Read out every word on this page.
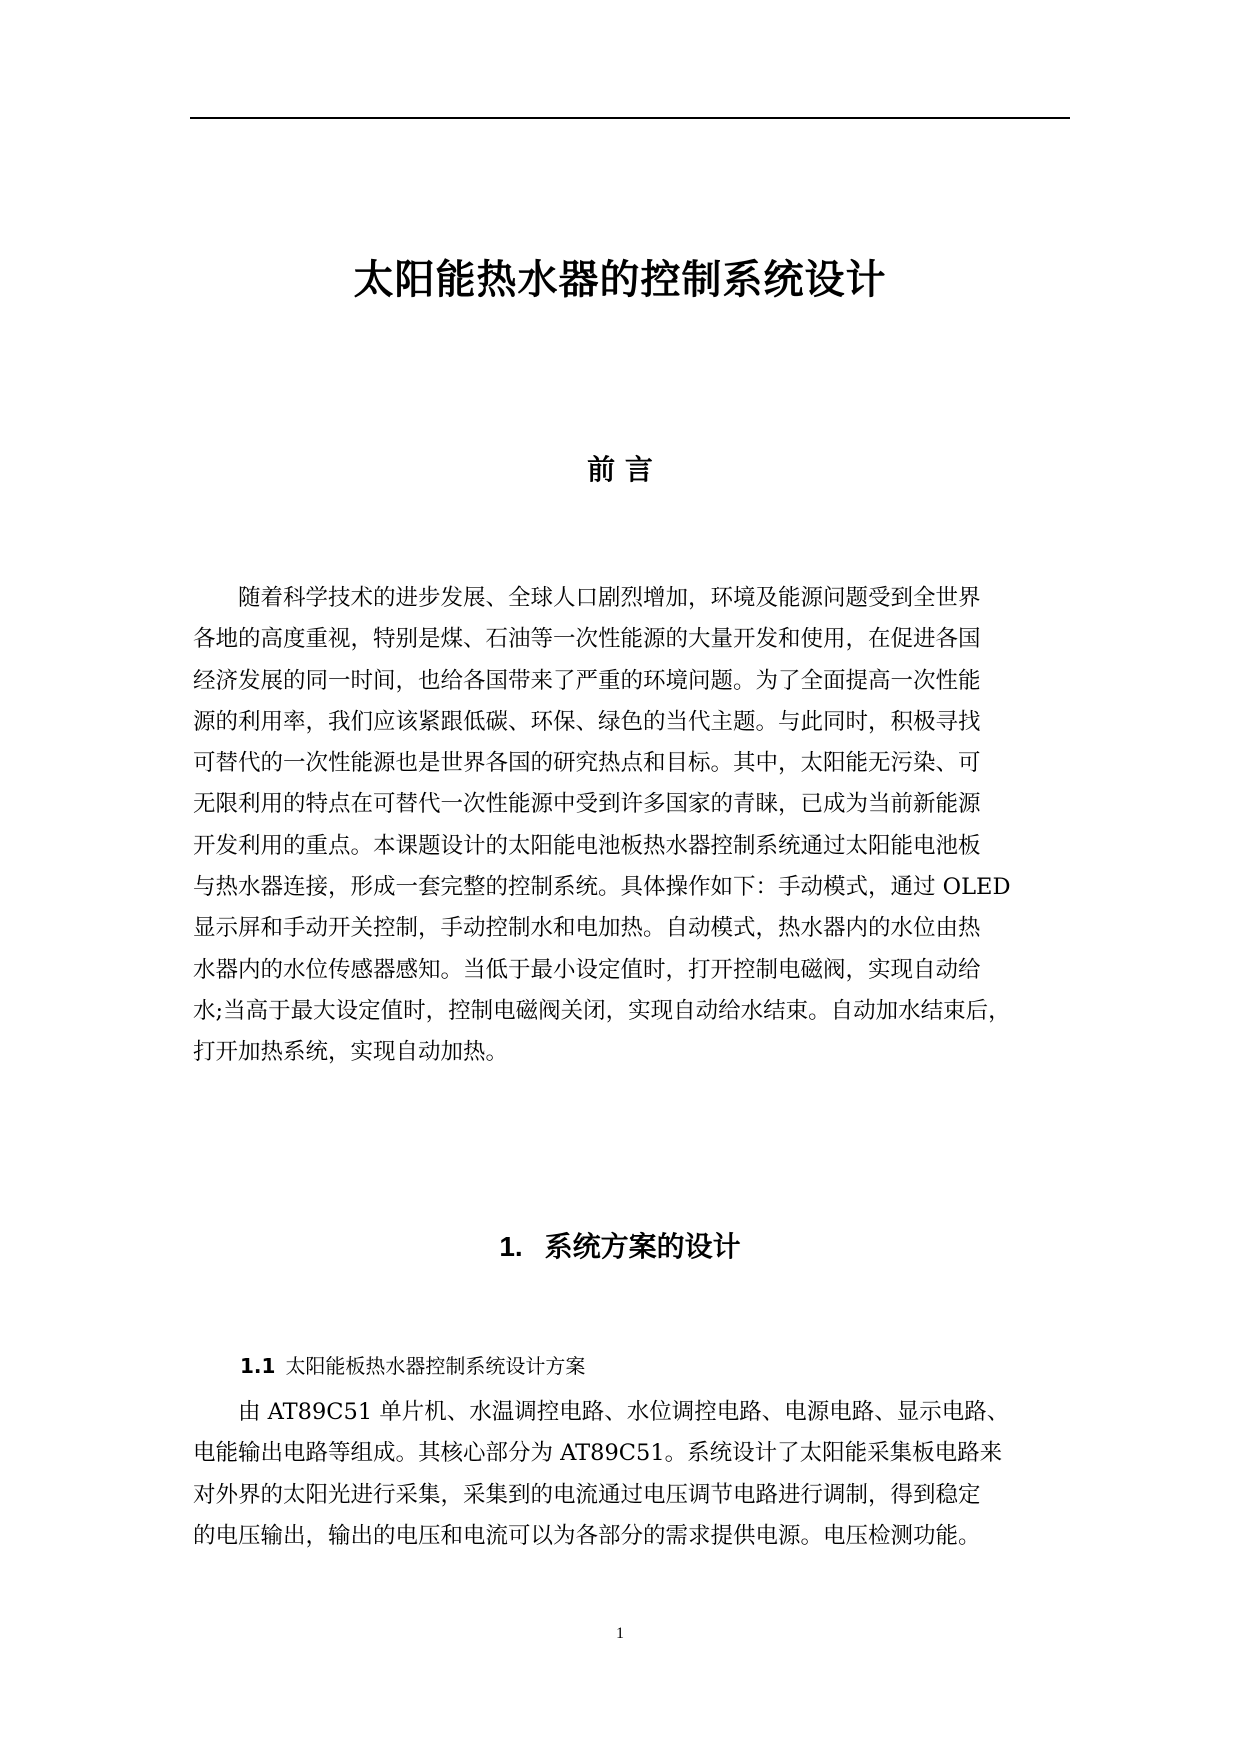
太阳能热水器的控制系统设计
前 言
随着科学技术的进步发展、全球人口剧烈增加，环境及能源问题受到全世界
各地的高度重视，特别是煤、石油等一次性能源的大量开发和使用，在促进各国
经济发展的同一时间，也给各国带来了严重的环境问题。为了全面提高一次性能
源的利用率，我们应该紧跟低碳、环保、绿色的当代主题。与此同时，积极寻找
可替代的一次性能源也是世界各国的研究热点和目标。其中，太阳能无污染、可
无限利用的特点在可替代一次性能源中受到许多国家的青睐，已成为当前新能源
开发利用的重点。本课题设计的太阳能电池板热水器控制系统通过太阳能电池板
与热水器连接，形成一套完整的控制系统。具体操作如下：手动模式，通过 OLED
显示屏和手动开关控制，手动控制水和电加热。自动模式，热水器内的水位由热
水器内的水位传感器感知。当低于最小设定值时，打开控制电磁阀，实现自动给
水;当高于最大设定值时，控制电磁阀关闭，实现自动给水结束。自动加水结束后，
打开加热系统，实现自动加热。
1. 系统方案的设计
1.1 太阳能板热水器控制系统设计方案
由 AT89C51 单片机、水温调控电路、水位调控电路、电源电路、显示电路、
电能输出电路等组成。其核心部分为 AT89C51。系统设计了太阳能采集板电路来
对外界的太阳光进行采集，采集到的电流通过电压调节电路进行调制，得到稳定
的电压输出，输出的电压和电流可以为各部分的需求提供电源。电压检测功能。
1
